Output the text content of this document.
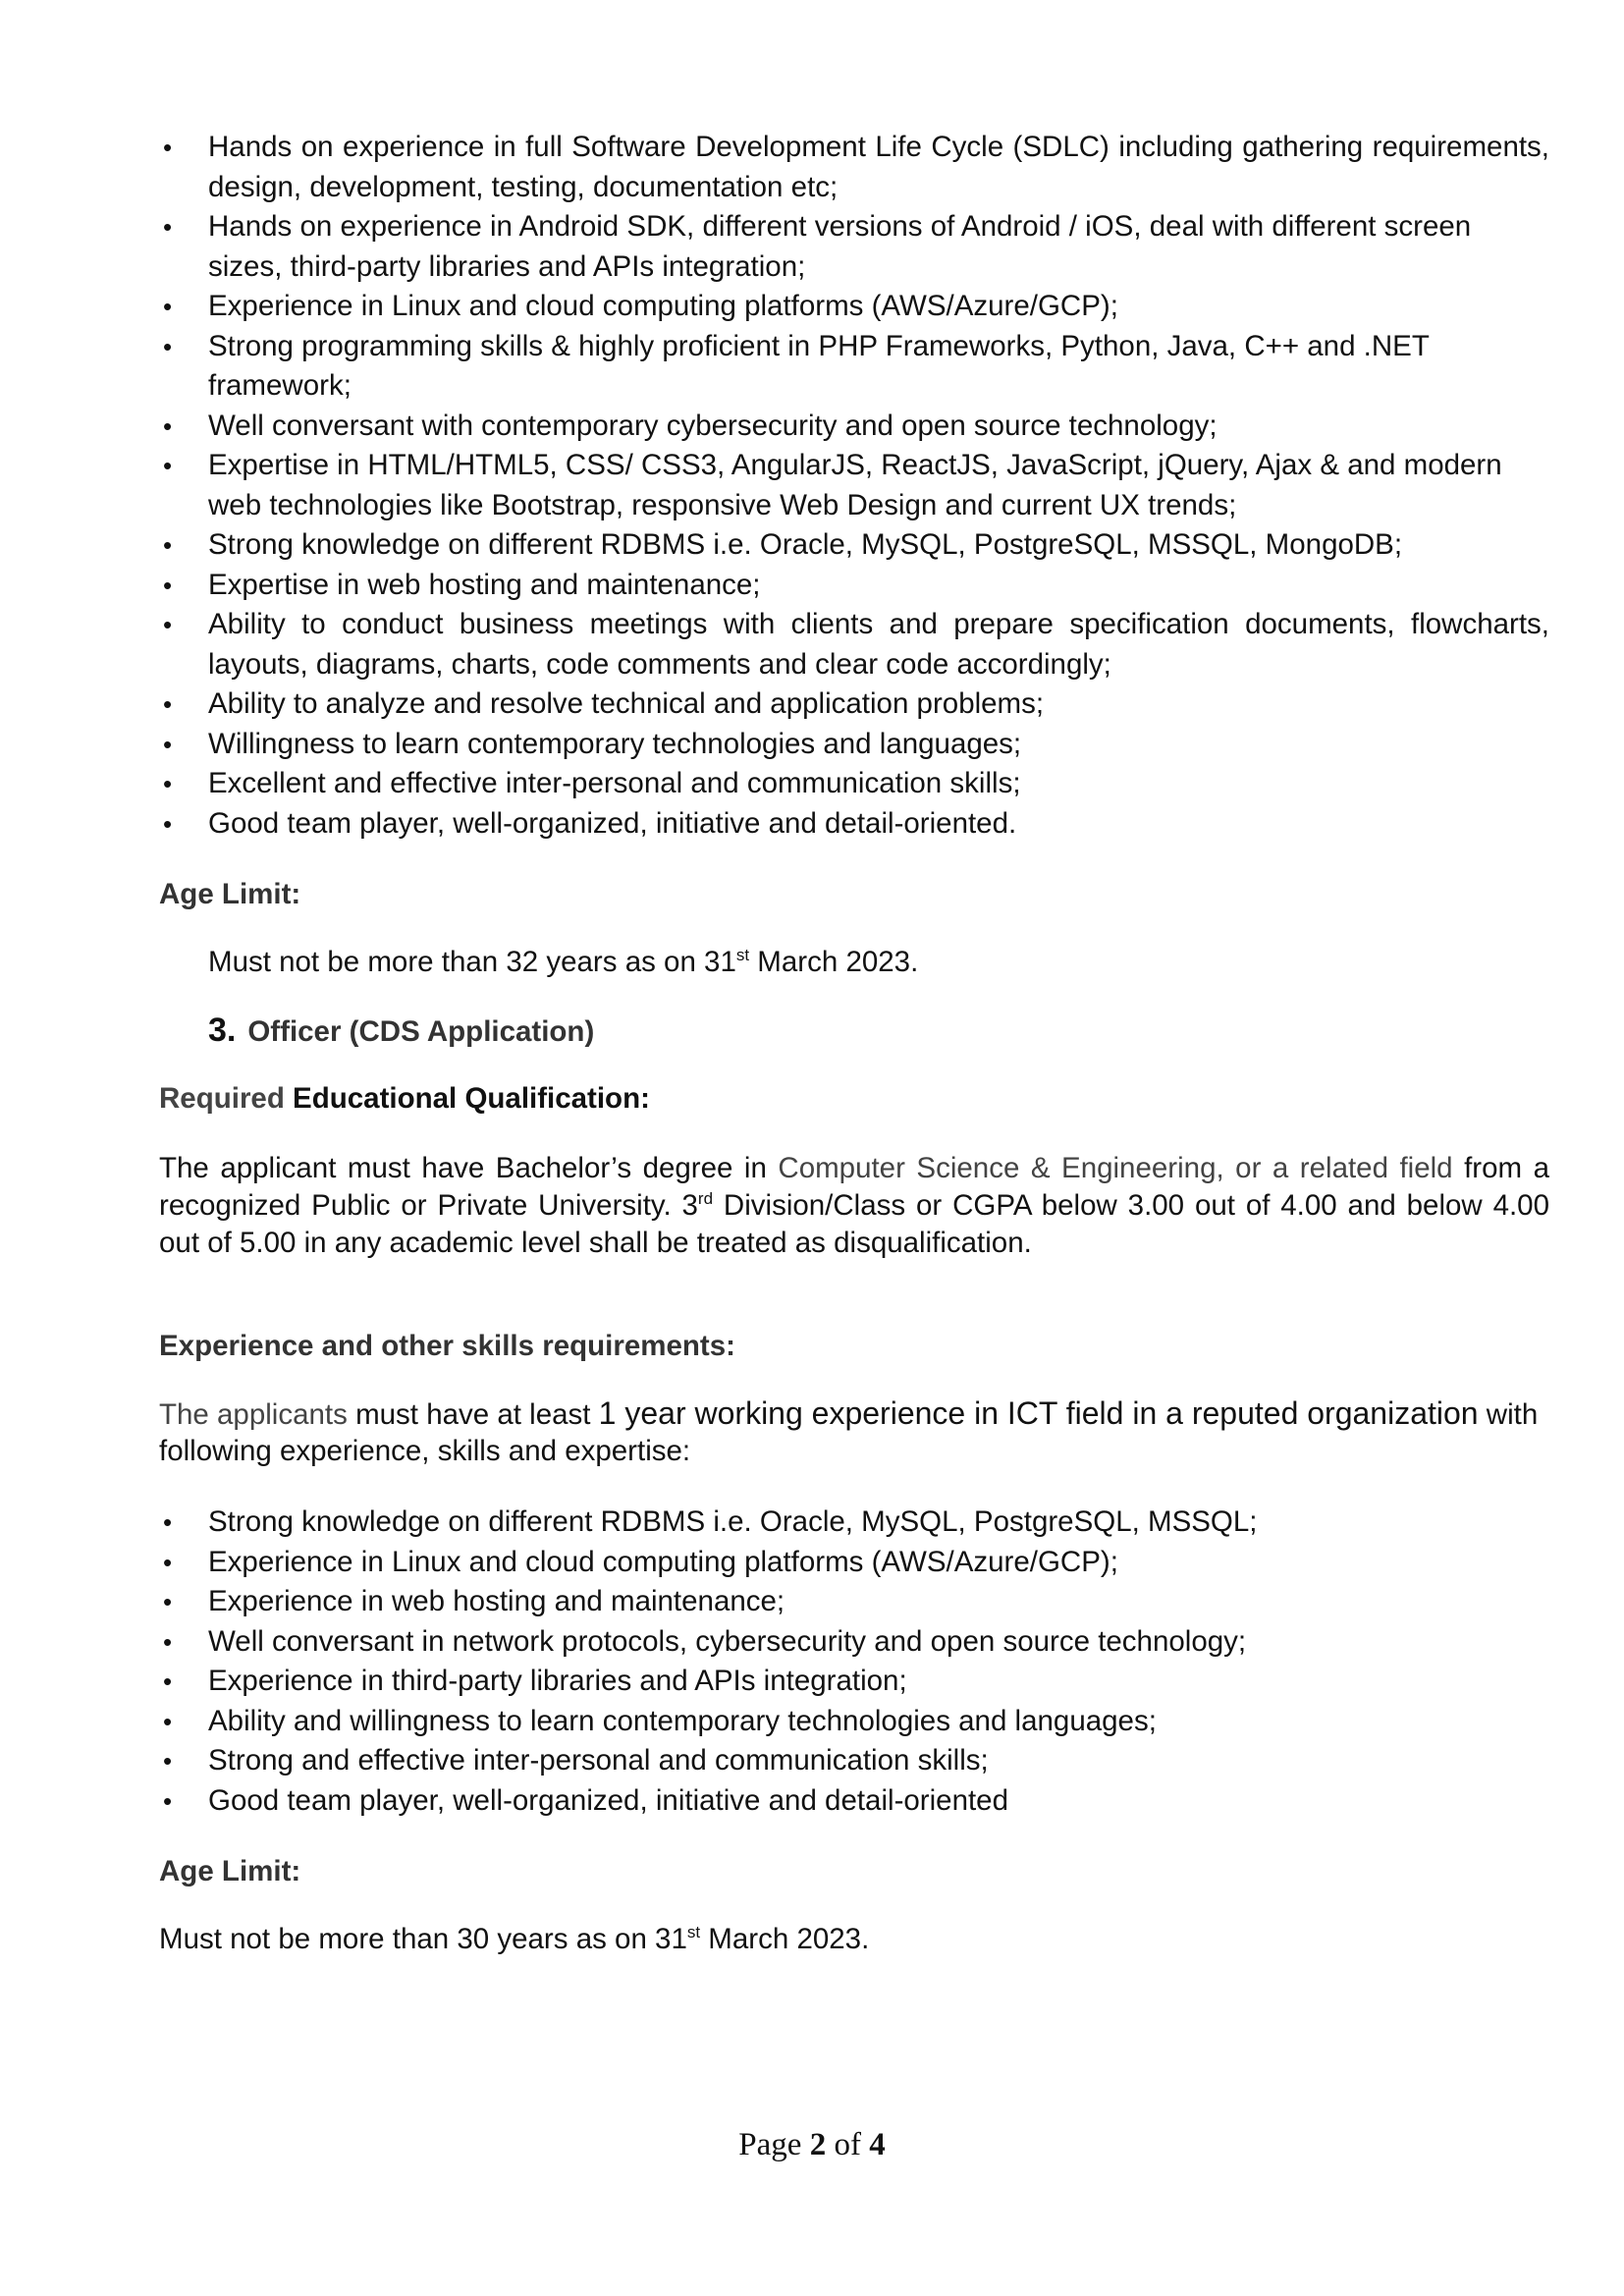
• Hands on experience in full Software Development Life Cycle (SDLC) including gathering requirements, design, development, testing, documentation etc;
• Hands on experience in Android SDK, different versions of Android / iOS, deal with different screen sizes, third-party libraries and APIs integration;
• Experience in Linux and cloud computing platforms (AWS/Azure/GCP);
• Strong programming skills & highly proficient in PHP Frameworks, Python, Java, C++ and .NET framework;
• Well conversant with contemporary cybersecurity and open source technology;
• Expertise in HTML/HTML5, CSS/ CSS3, AngularJS, ReactJS, JavaScript, jQuery, Ajax & and modern web technologies like Bootstrap, responsive Web Design and current UX trends;
• Strong knowledge on different RDBMS i.e. Oracle, MySQL, PostgreSQL, MSSQL, MongoDB;
• Expertise in web hosting and maintenance;
• Ability to conduct business meetings with clients and prepare specification documents, flowcharts, layouts, diagrams, charts, code comments and clear code accordingly;
• Ability to analyze and resolve technical and application problems;
• Willingness to learn contemporary technologies and languages;
• Excellent and effective inter-personal and communication skills;
• Good team player, well-organized, initiative and detail-oriented.
Age Limit:
Must not be more than 32 years as on 31st March 2023.
3. Officer (CDS Application)
Required Educational Qualification:
The applicant must have Bachelor’s degree in Computer Science & Engineering, or a related field from a recognized Public or Private University. 3rd Division/Class or CGPA below 3.00 out of 4.00 and below 4.00 out of 5.00 in any academic level shall be treated as disqualification.
Experience and other skills requirements:
The applicants must have at least 1 year working experience in ICT field in a reputed organization with following experience, skills and expertise:
• Strong knowledge on different RDBMS i.e. Oracle, MySQL, PostgreSQL, MSSQL;
• Experience in Linux and cloud computing platforms (AWS/Azure/GCP);
• Experience in web hosting and maintenance;
• Well conversant in network protocols, cybersecurity and open source technology;
• Experience in third-party libraries and APIs integration;
• Ability and willingness to learn contemporary technologies and languages;
• Strong and effective inter-personal and communication skills;
• Good team player, well-organized, initiative and detail-oriented
Age Limit:
Must not be more than 30 years as on 31st March 2023.
Page 2 of 4
